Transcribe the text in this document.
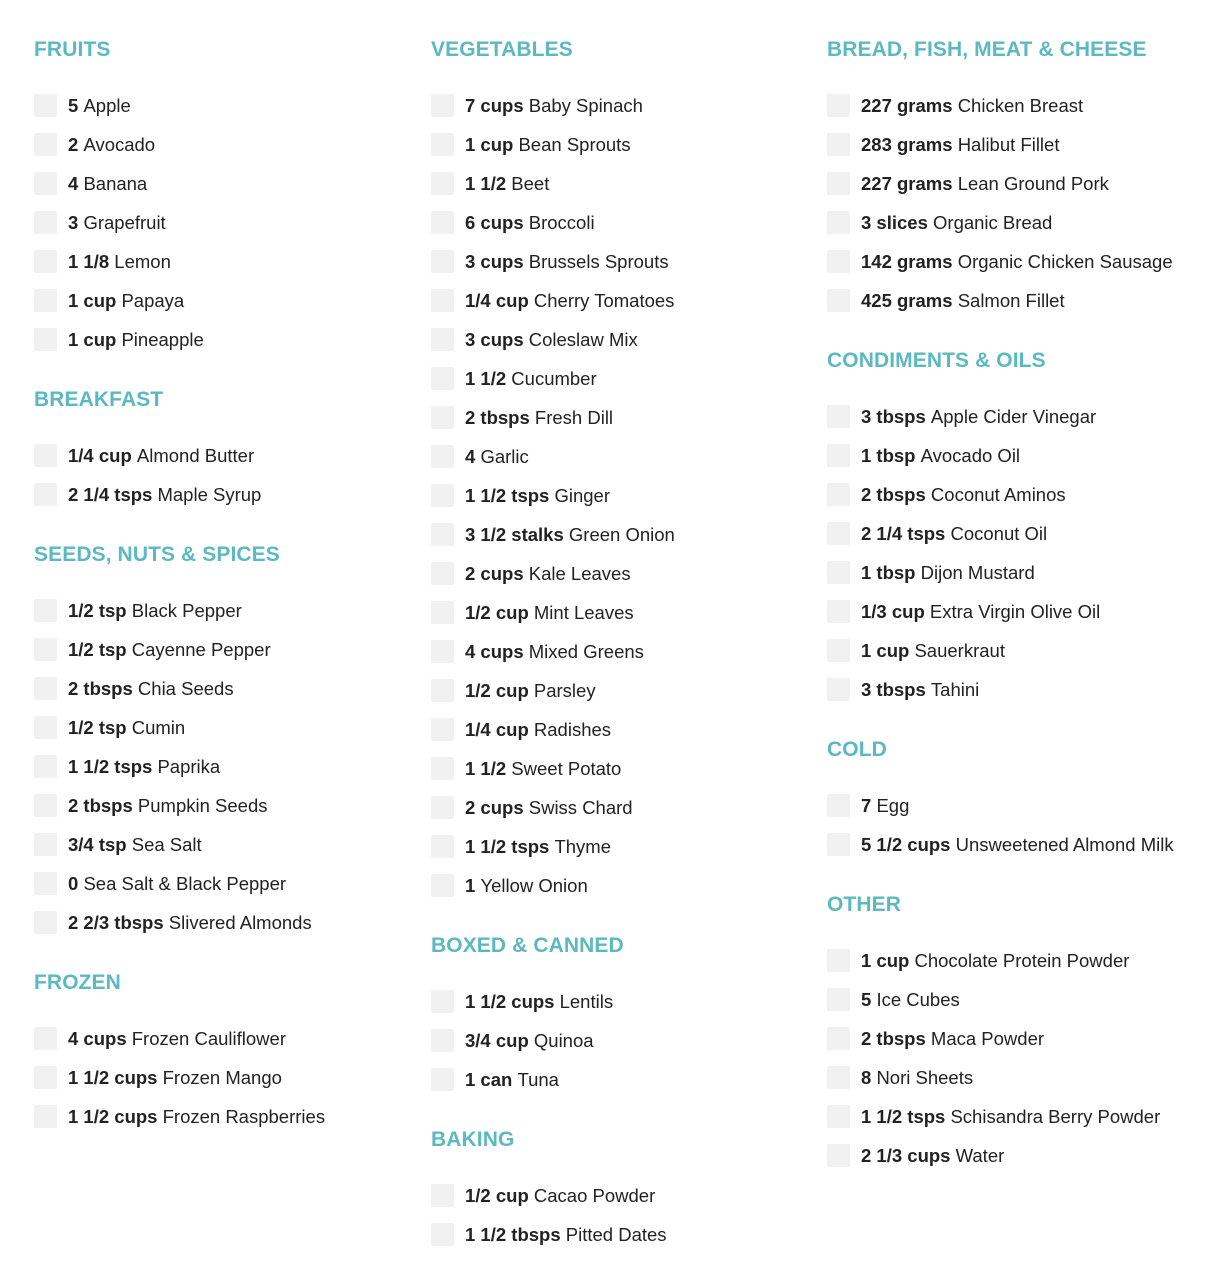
FRUITS
5 Apple
2 Avocado
4 Banana
3 Grapefruit
1 1/8 Lemon
1 cup Papaya
1 cup Pineapple
BREAKFAST
1/4 cup Almond Butter
2 1/4 tsps Maple Syrup
SEEDS, NUTS & SPICES
1/2 tsp Black Pepper
1/2 tsp Cayenne Pepper
2 tbsps Chia Seeds
1/2 tsp Cumin
1 1/2 tsps Paprika
2 tbsps Pumpkin Seeds
3/4 tsp Sea Salt
0 Sea Salt & Black Pepper
2 2/3 tbsps Slivered Almonds
FROZEN
4 cups Frozen Cauliflower
1 1/2 cups Frozen Mango
1 1/2 cups Frozen Raspberries
VEGETABLES
7 cups Baby Spinach
1 cup Bean Sprouts
1 1/2 Beet
6 cups Broccoli
3 cups Brussels Sprouts
1/4 cup Cherry Tomatoes
3 cups Coleslaw Mix
1 1/2 Cucumber
2 tbsps Fresh Dill
4 Garlic
1 1/2 tsps Ginger
3 1/2 stalks Green Onion
2 cups Kale Leaves
1/2 cup Mint Leaves
4 cups Mixed Greens
1/2 cup Parsley
1/4 cup Radishes
1 1/2 Sweet Potato
2 cups Swiss Chard
1 1/2 tsps Thyme
1 Yellow Onion
BOXED & CANNED
1 1/2 cups Lentils
3/4 cup Quinoa
1 can Tuna
BAKING
1/2 cup Cacao Powder
1 1/2 tbsps Pitted Dates
BREAD, FISH, MEAT & CHEESE
227 grams Chicken Breast
283 grams Halibut Fillet
227 grams Lean Ground Pork
3 slices Organic Bread
142 grams Organic Chicken Sausage
425 grams Salmon Fillet
CONDIMENTS & OILS
3 tbsps Apple Cider Vinegar
1 tbsp Avocado Oil
2 tbsps Coconut Aminos
2 1/4 tsps Coconut Oil
1 tbsp Dijon Mustard
1/3 cup Extra Virgin Olive Oil
1 cup Sauerkraut
3 tbsps Tahini
COLD
7 Egg
5 1/2 cups Unsweetened Almond Milk
OTHER
1 cup Chocolate Protein Powder
5 Ice Cubes
2 tbsps Maca Powder
8 Nori Sheets
1 1/2 tsps Schisandra Berry Powder
2 1/3 cups Water
